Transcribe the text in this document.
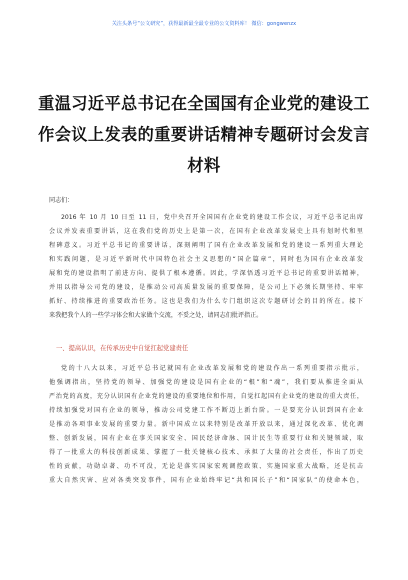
关注头条号“公文研究”，获得最新最全最专业的公文资料库！ 微信：gongwenzx
重温习近平总书记在全国国有企业党的建设工
作会议上发表的重要讲话精神专题研讨会发言
材料
同志们：
2016 年 10 月 10 日至 11 日，党中央召开全国国有企业党的建设工作会议，习近平总书记出席
会议并发表重要讲话，这在我们党的历史上是第一次，在国有企业改革发展史上具有划时代和里
程碑意义。习近平总书记的重要讲话，深刻阐明了国有企业改革发展和党的建设一系列重大理论
和实践问题，是习近平新时代中国特色社会主义思想的“国企篇章”，同时也为国有企业改革发
展和党的建设指明了前进方向、提供了根本遵循。因此，学深悟透习近平总书记的重要讲话精神，
并用以指导公司党的建设，是推动公司高质量发展的重要保障，是公司上下必须长期坚持、牢牢
抓好、持续推进的重要政治任务。这也是我们为什么专门组织这次专题研讨会的目的所在。接下
来我把我个人的一些学习体会和大家做个交流，不妥之处，请同志们批评指正。
一、提高认识，在传承历史中自觉扛起党建责任
党的十八大以来，习近平总书记就国有企业改革发展和党的建设作出一系列重要指示批示，
他强调指出，坚持党的领导、加强党的建设是国有企业的“根”和“魂”，我们要从推进全面从
严治党的高度，充分认识国有企业党的建设的重要地位和作用，自觉扛起国有企业党的建设的重大责任，
持续加强党对国有企业的领导，推动公司党建工作不断迈上新台阶。一是要充分认识到国有企业
是推动各项事业发展的重要力量。新中国成立以来特别是改革开放以来，通过深化改革、优化调
整、创新发展，国有企业在事关国家安全、国民经济命脉、国计民生等重要行业和关键领域，取
得了一批重大的科技创新成果、掌握了一批关键核心技术、承担了大量的社会责任，作出了历史
性的贡献，功勋卓著、功不可没，无论是落实国家宏观调控政策、实施国家重大战略，还是抗击
重大自然灾害、应对各类突发事件，国有企业始终牢记“共和国长子”和“国家队”的使命本色，
